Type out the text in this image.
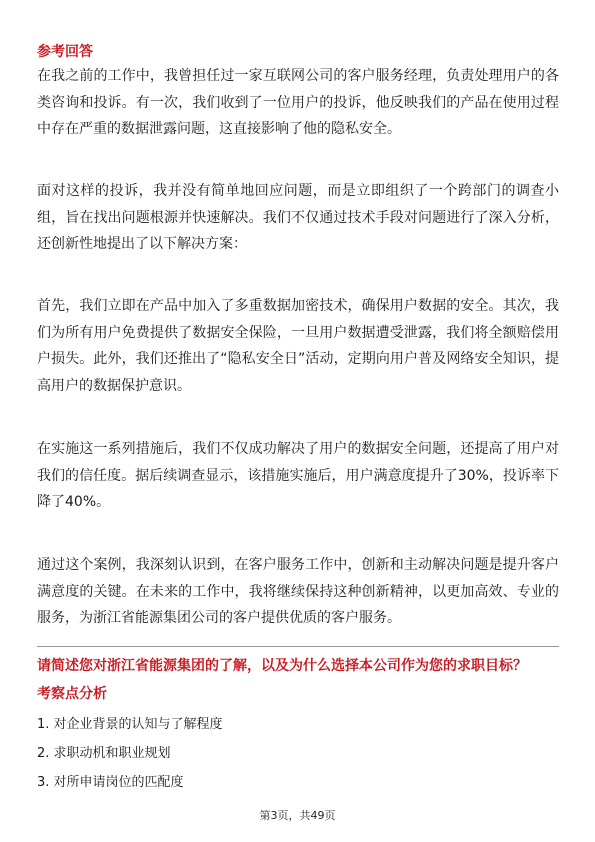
参考回答
在我之前的工作中，我曾担任过一家互联网公司的客户服务经理，负责处理用户的各类咨询和投诉。有一次，我们收到了一位用户的投诉，他反映我们的产品在使用过程中存在严重的数据泄露问题，这直接影响了他的隐私安全。
面对这样的投诉，我并没有简单地回应问题，而是立即组织了一个跨部门的调查小组，旨在找出问题根源并快速解决。我们不仅通过技术手段对问题进行了深入分析，还创新性地提出了以下解决方案：
首先，我们立即在产品中加入了多重数据加密技术，确保用户数据的安全。其次，我们为所有用户免费提供了数据安全保险，一旦用户数据遭受泄露，我们将全额赔偿用户损失。此外，我们还推出了“隐私安全日”活动，定期向用户普及网络安全知识，提高用户的数据保护意识。
在实施这一系列措施后，我们不仅成功解决了用户的数据安全问题，还提高了用户对我们的信任度。据后续调查显示，该措施实施后，用户满意度提升了30%，投诉率下降了40%。
通过这个案例，我深刻认识到，在客户服务工作中，创新和主动解决问题是提升客户满意度的关键。在未来的工作中，我将继续保持这种创新精神，以更加高效、专业的服务，为浙江省能源集团公司的客户提供优质的客户服务。
请简述您对浙江省能源集团的了解，以及为什么选择本公司作为您的求职目标？
考察点分析
1. 对企业背景的认知与了解程度
2. 求职动机和职业规划
3. 对所申请岗位的匹配度
第3页，共49页
